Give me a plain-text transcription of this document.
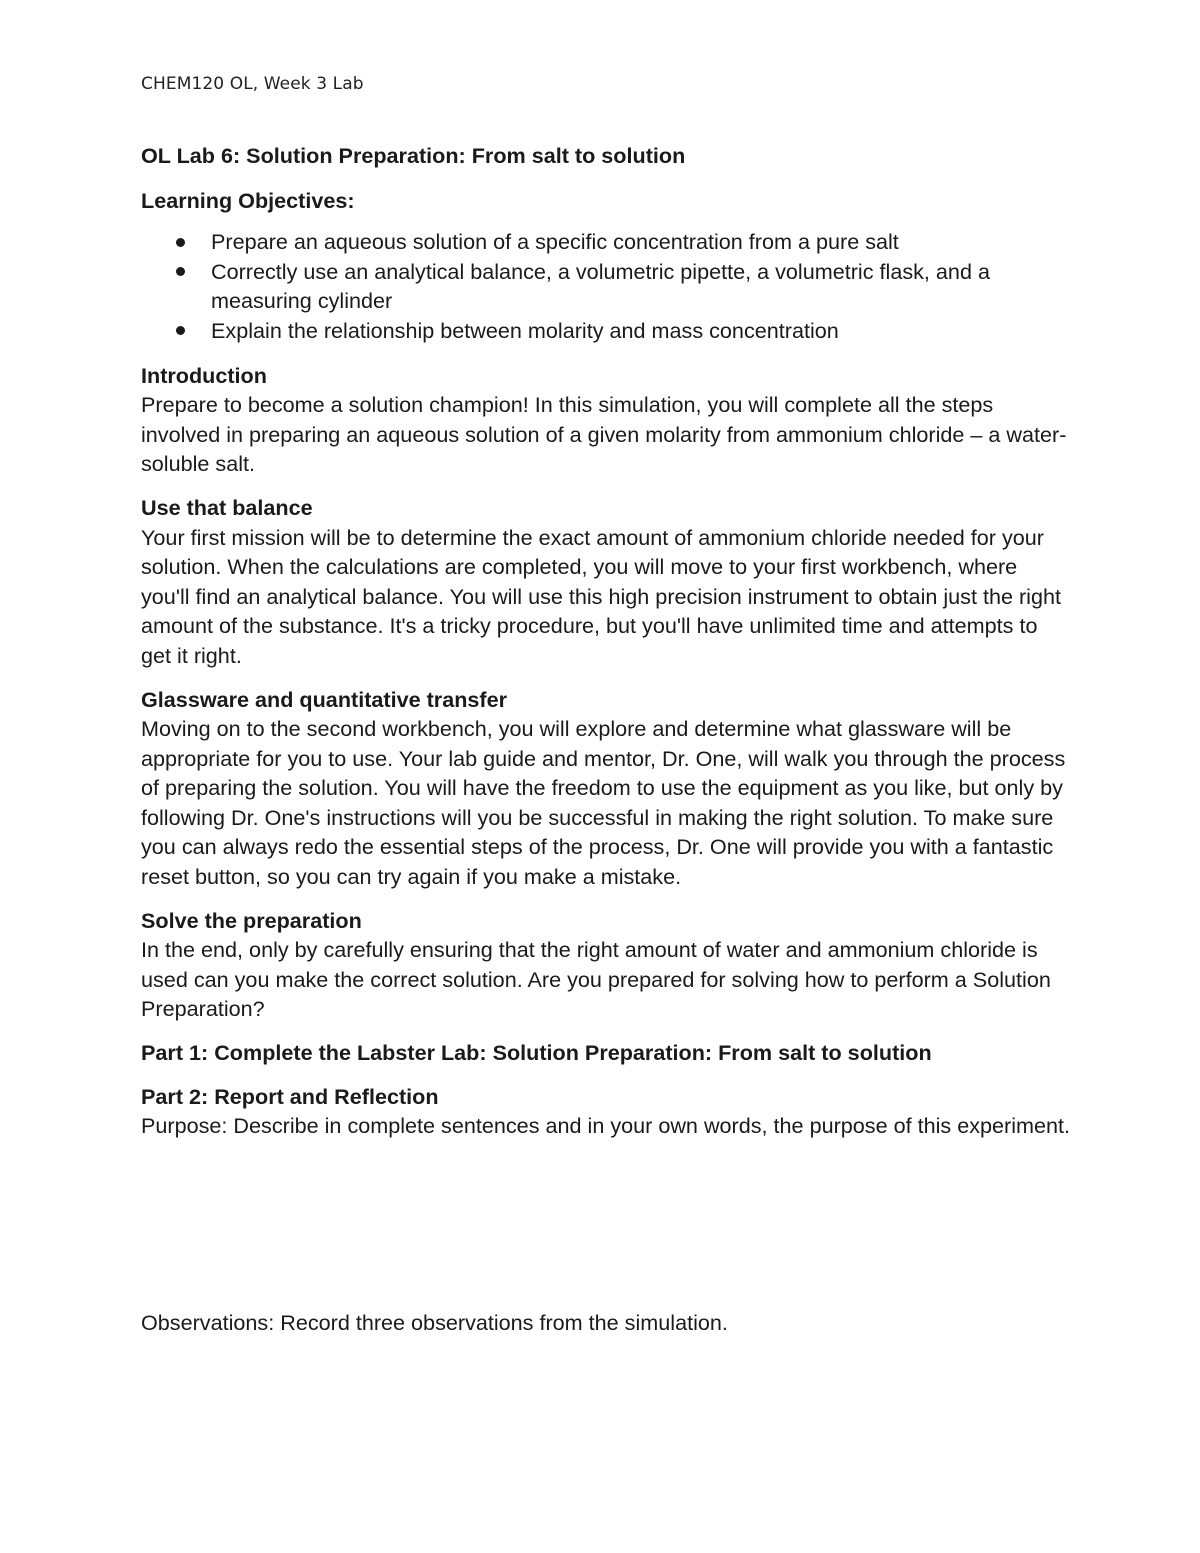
CHEM120 OL, Week 3 Lab
OL Lab 6: Solution Preparation: From salt to solution
Learning Objectives:
Prepare an aqueous solution of a specific concentration from a pure salt
Correctly use an analytical balance, a volumetric pipette, a volumetric flask, and a measuring cylinder
Explain the relationship between molarity and mass concentration
Introduction
Prepare to become a solution champion! In this simulation, you will complete all the steps involved in preparing an aqueous solution of a given molarity from ammonium chloride – a water-soluble salt.
Use that balance
Your first mission will be to determine the exact amount of ammonium chloride needed for your solution. When the calculations are completed, you will move to your first workbench, where you'll find an analytical balance. You will use this high precision instrument to obtain just the right amount of the substance. It's a tricky procedure, but you'll have unlimited time and attempts to get it right.
Glassware and quantitative transfer
Moving on to the second workbench, you will explore and determine what glassware will be appropriate for you to use. Your lab guide and mentor, Dr. One, will walk you through the process of preparing the solution. You will have the freedom to use the equipment as you like, but only by following Dr. One's instructions will you be successful in making the right solution. To make sure you can always redo the essential steps of the process, Dr. One will provide you with a fantastic reset button, so you can try again if you make a mistake.
Solve the preparation
In the end, only by carefully ensuring that the right amount of water and ammonium chloride is used can you make the correct solution. Are you prepared for solving how to perform a Solution Preparation?
Part 1: Complete the Labster Lab: Solution Preparation: From salt to solution
Part 2: Report and Reflection
Purpose: Describe in complete sentences and in your own words, the purpose of this experiment.
Observations: Record three observations from the simulation.
